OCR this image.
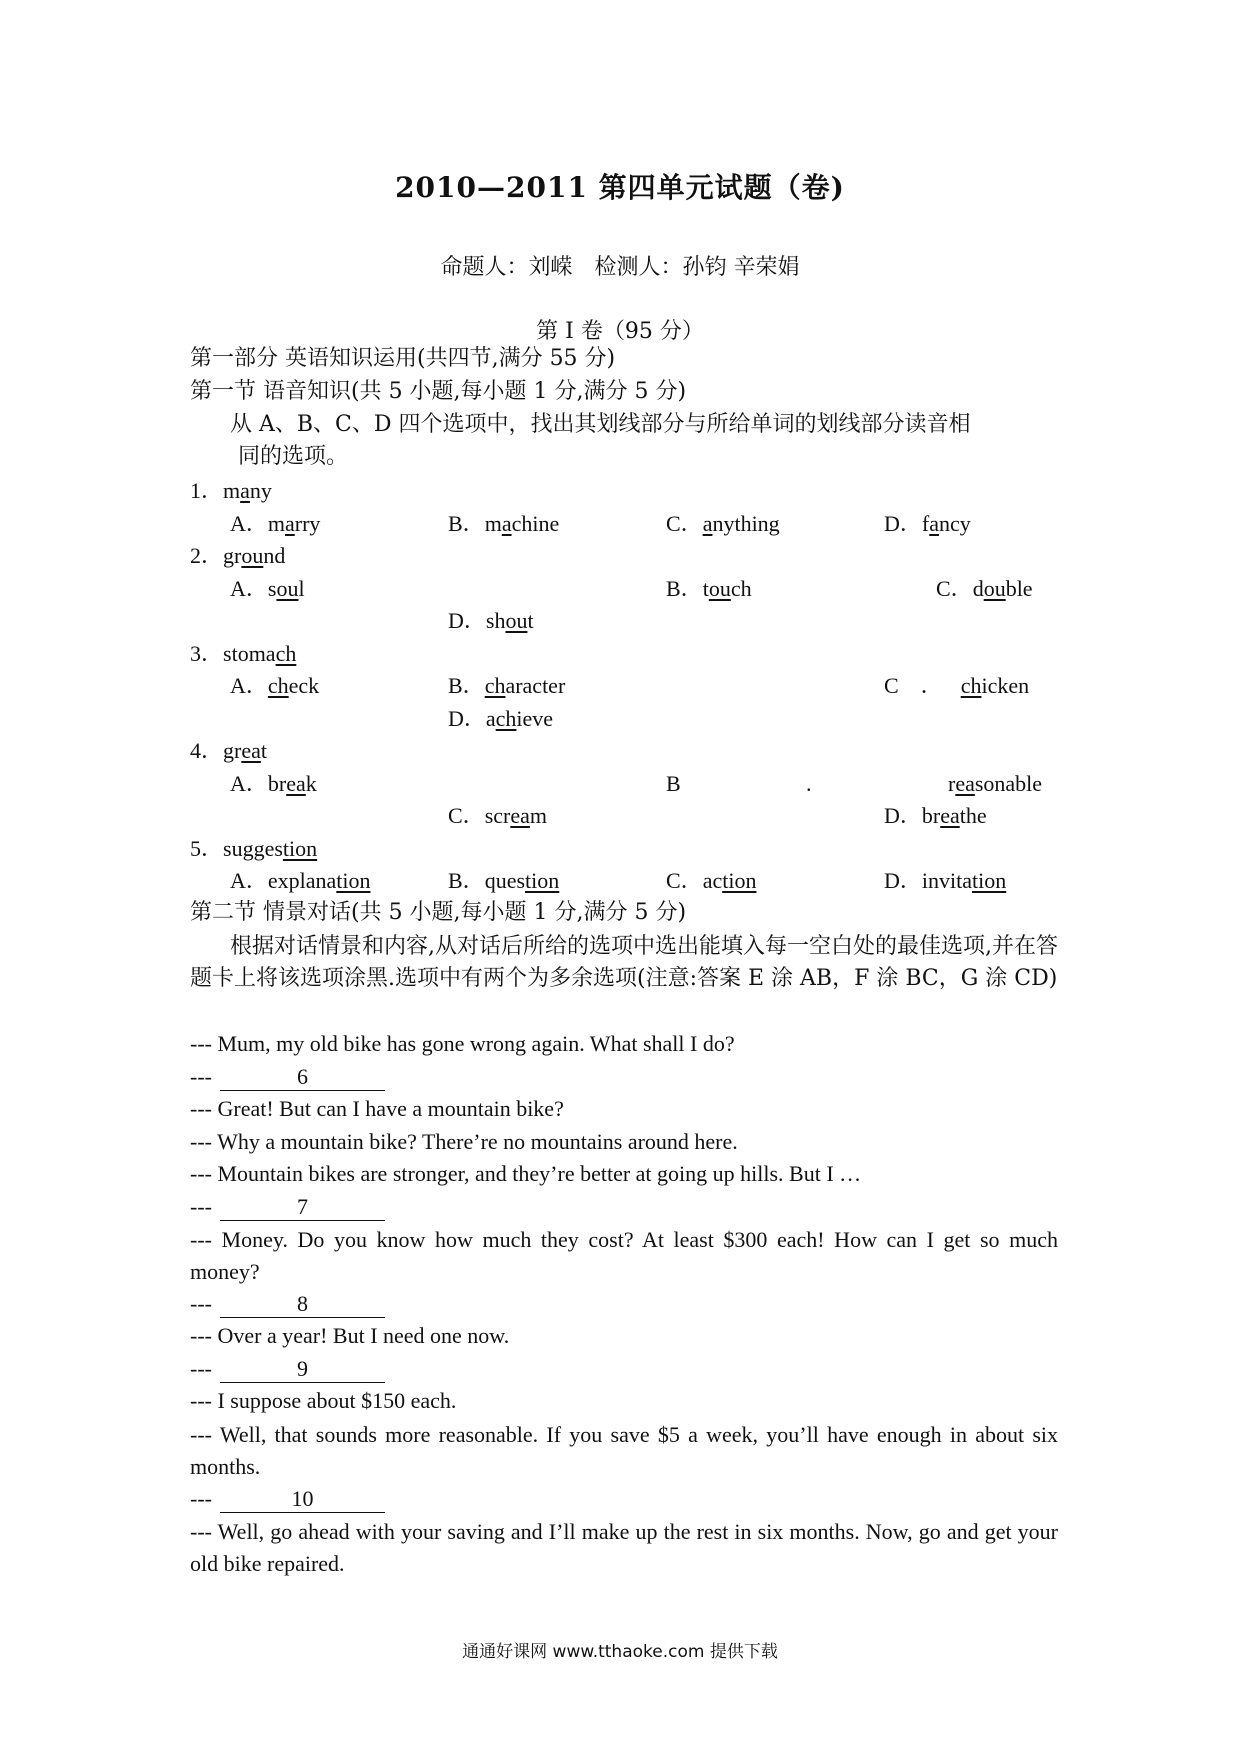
2010—2011 第四单元试题（卷)
命题人：刘嵘　检测人：孙钧 辛荣娟
第 I 卷（95 分）
第一部分 英语知识运用(共四节,满分 55 分)
第一节 语音知识(共 5 小题,每小题 1 分,满分 5 分)
从 A、B、C、D 四个选项中，找出其划线部分与所给单词的划线部分读音相
同的选项。
1．many
A．marry	B．machine	C．anything	D．fancy
2．ground
A．soul	B．touch	C．double
D．shout
3．stomach
A．check	B．character	C　． chicken
D．achieve
4．great
A．break	B	.	reasonable
C．scream	D．breathe
5．suggestion
A．explanation	B．question	C．action	D．invitation
第二节 情景对话(共 5 小题,每小题 1 分,满分 5 分)
根据对话情景和内容,从对话后所给的选项中选出能填入每一空白处的最佳选项,并在答题卡上将该选项涂黑.选项中有两个为多余选项(注意:答案 E 涂 AB，F 涂 BC，G 涂 CD)
--- Mum, my old bike has gone wrong again. What shall I do?
---	6
--- Great! But can I have a mountain bike?
--- Why a mountain bike? There’re no mountains around here.
--- Mountain bikes are stronger, and they’re better at going up hills. But I …
---	7
--- Money. Do you know how much they cost? At least $300 each! How can I get so much money?
---	8
--- Over a year! But I need one now.
---	9
--- I suppose about $150 each.
--- Well, that sounds more reasonable. If you save $5 a week, you’ll have enough in about six months.
---	10
--- Well, go ahead with your saving and I’ll make up the rest in six months. Now, go and get your old bike repaired.
通通好课网 www.tthaoke.com 提供下载
